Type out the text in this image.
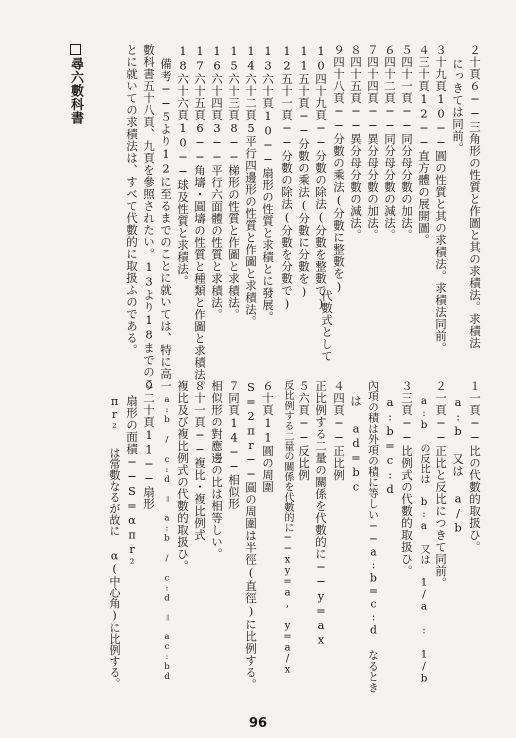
２十頁６──三角形の性質と作圖と其の求積法。求積法
にっきては同前。
３十九頁10──圓の性質と其の求積法。求積法同前。
４三十頁12──直方體の展開圖。
５四十一頁──同分母分數の加法。
６四十二頁──同分母分數の減法。
７四十四頁──異分母分數の加法。
８四十五頁──異分母分數の減法。
９四十八頁──分數の乘法(分數に整數を)
10四十九頁──分數の除法(分數を整數で)
11五十頁──分數の乘法(分數に分數を)
12五十一頁──分數の除法(分數を分數で)
代數式として
13六十頁10──扇形の性質と求積とに發展。
14六十二頁5平行四邊形の性質と作圖と求積法。
15六十三頁8──梯形の性質と作圖と求積法。
16六十四頁3──平行六面體の性質と求積法。
17六十五頁6──角壔・圓壔の性質と種類と作圖と求積法。
18六十六頁10──球及性質と求積法。
備考──５より12に至るまでのことに就いては、特に高一
數科書五十八頁、九頁を參照されたい。13より18までのこ
とに就いての求積法は、すべて代數的に取扱ふのである。
尋六數科書
１一頁──比の代數的取扱ひ。
a:b 又は a/b
２一頁──正比と反比につきて同前。
a:b の反比は b:a 又は 1/a : 1/b
３三頁──比例式の代數的取扱ひ。
a:b=c:d
內項の積は外項の積に等しい──a:b=c:d なるとき
は ad=bc
４四頁──正比例
正比例する二量の關係を代數的に──y=ax
５六頁──反比例
反比例する二量の關係を代數的に──xy=a, y=a/x
６十頁11圓の周圍
S=2πr──圓の周圍は半徑(直徑)に比例する。
７同頁14──相似形
相似形の對應邊の比は相等しい。
８十一頁──複比・複比例式
複比及び複比例式の代數的取扱ひ。
a:b / c:d ＝ a:b / c:d ＝ ac:bd
９二十頁11──扇形
扇形の面積──S=απr²
πr² は常數なるが故に α(中心角)に比例する。
96
